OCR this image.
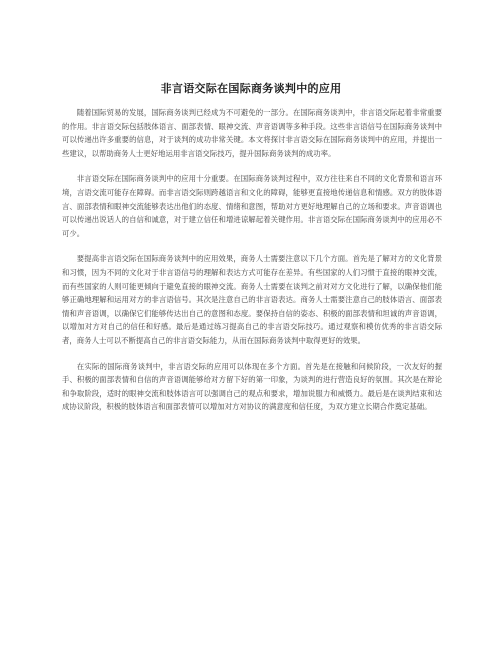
非言语交际在国际商务谈判中的应用

随着国际贸易的发展，国际商务谈判已经成为不可避免的一部分。在国际商务谈判中，非言语交际起着非常重要的作用。非言语交际包括肢体语言、面部表情、眼神交流、声音语调等多种手段。这些非言语信号在国际商务谈判中可以传递出许多重要的信息，对于谈判的成功非常关键。本文将探讨非言语交际在国际商务谈判中的应用，并提出一些建议，以帮助商务人士更好地运用非言语交际技巧，提升国际商务谈判的成功率。

非言语交际在国际商务谈判中的应用十分重要。在国际商务谈判过程中，双方往往来自不同的文化背景和语言环境，言语交流可能存在障碍。而非言语交际则跨越语言和文化的障碍，能够更直接地传递信息和情感。双方的肢体语言、面部表情和眼神交流能够表达出他们的态度、情绪和意图，帮助对方更好地理解自己的立场和要求。声音语调也可以传递出说话人的自信和诚意，对于建立信任和增进谅解起着关键作用。非言语交际在国际商务谈判中的应用必不可少。

要提高非言语交际在国际商务谈判中的应用效果，商务人士需要注意以下几个方面。首先是了解对方的文化背景和习惯，因为不同的文化对于非言语信号的理解和表达方式可能存在差异。有些国家的人们习惯于直接的眼神交流，而有些国家的人则可能更倾向于避免直接的眼神交流。商务人士需要在谈判之前对对方文化进行了解，以确保他们能够正确地理解和运用对方的非言语信号。其次是注意自己的非言语表达。商务人士需要注意自己的肢体语言、面部表情和声音语调，以确保它们能够传达出自己的意图和态度。要保持自信的姿态、积极的面部表情和坦诚的声音语调，以增加对方对自己的信任和好感。最后是通过练习提高自己的非言语交际技巧。通过观察和模仿优秀的非言语交际者，商务人士可以不断提高自己的非言语交际能力，从而在国际商务谈判中取得更好的效果。

在实际的国际商务谈判中，非言语交际的应用可以体现在多个方面。首先是在接触和问候阶段，一次友好的握手、积极的面部表情和自信的声音语调能够给对方留下好的第一印象，为谈判的进行营造良好的氛围。其次是在辩论和争取阶段，适时的眼神交流和肢体语言可以强调自己的观点和要求，增加说服力和威慑力。最后是在谈判结束和达成协议阶段，积极的肢体语言和面部表情可以增加对方对协议的满意度和信任度，为双方建立长期合作奠定基础。
